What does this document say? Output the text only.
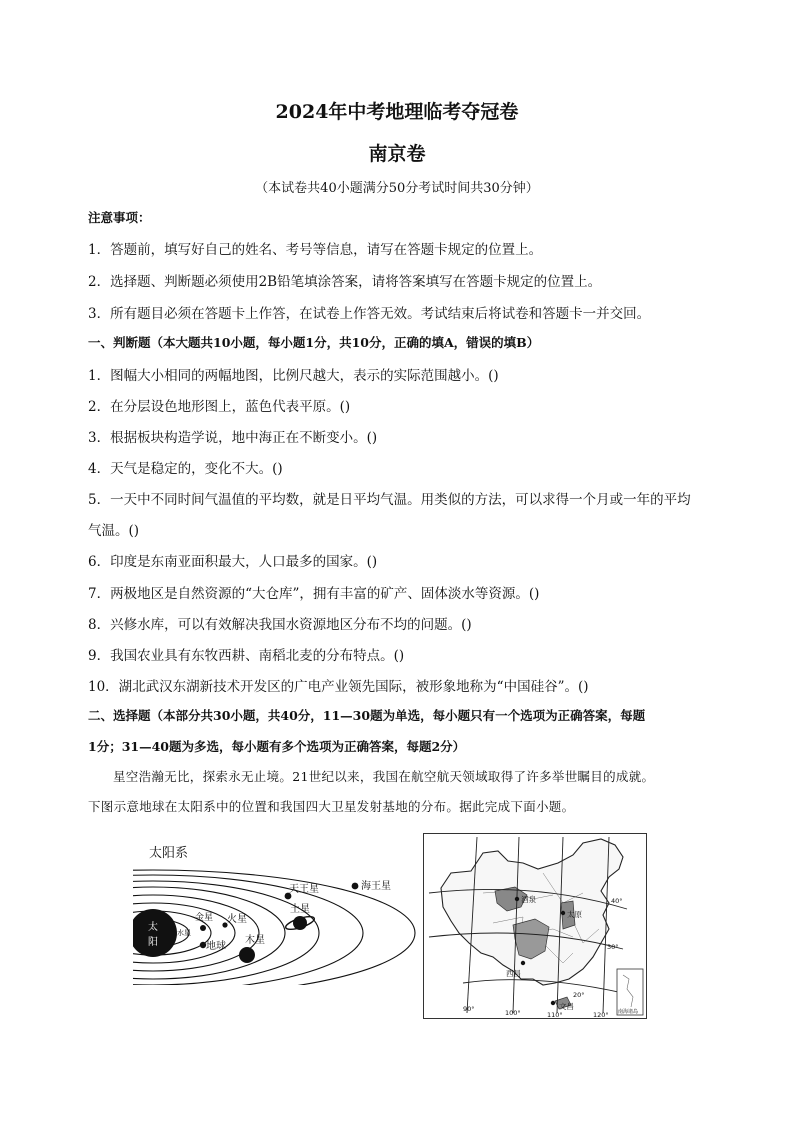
2024年中考地理临考夺冠卷
南京卷
（本试卷共40小题满分50分考试时间共30分钟）
注意事项：
1．答题前，填写好自己的姓名、考号等信息，请写在答题卡规定的位置上。
2．选择题、判断题必须使用2B铅笔填涂答案，请将答案填写在答题卡规定的位置上。
3．所有题目必须在答题卡上作答，在试卷上作答无效。考试结束后将试卷和答题卡一并交回。
一、判断题（本大题共10小题，每小题1分，共10分，正确的填A，错误的填B）
1．图幅大小相同的两幅地图，比例尺越大，表示的实际范围越小。()
2．在分层设色地形图上，蓝色代表平原。()
3．根据板块构造学说，地中海正在不断变小。()
4．天气是稳定的，变化不大。()
5．一天中不同时间气温值的平均数，就是日平均气温。用类似的方法，可以求得一个月或一年的平均
气温。()
6．印度是东南亚面积最大，人口最多的国家。()
7．两极地区是自然资源的“大仓库”，拥有丰富的矿产、固体淡水等资源。()
8．兴修水库，可以有效解决我国水资源地区分布不均的问题。()
9．我国农业具有东牧西耕、南稻北麦的分布特点。()
10．湖北武汉东湖新技术开发区的广电产业领先国际，被形象地称为“中国硅谷”。()
二、选择题（本部分共30小题，共40分，11—30题为单选，每小题只有一个选项为正确答案，每题
1分；31—40题为多选，每小题有多个选项为正确答案，每题2分）
星空浩瀚无比，探索永无止境。21世纪以来，我国在航空航天领域取得了许多举世瞩目的成就。
下图示意地球在太阳系中的位置和我国四大卫星发射基地的分布。据此完成下面小题。
太阳系
太
阳
水星
金星
地球
火星
木星
土星
天王星	海王星
酒泉
太原
西昌
文昌
90°	100°	110°	120°
40°
30°
20°
南海诸岛
